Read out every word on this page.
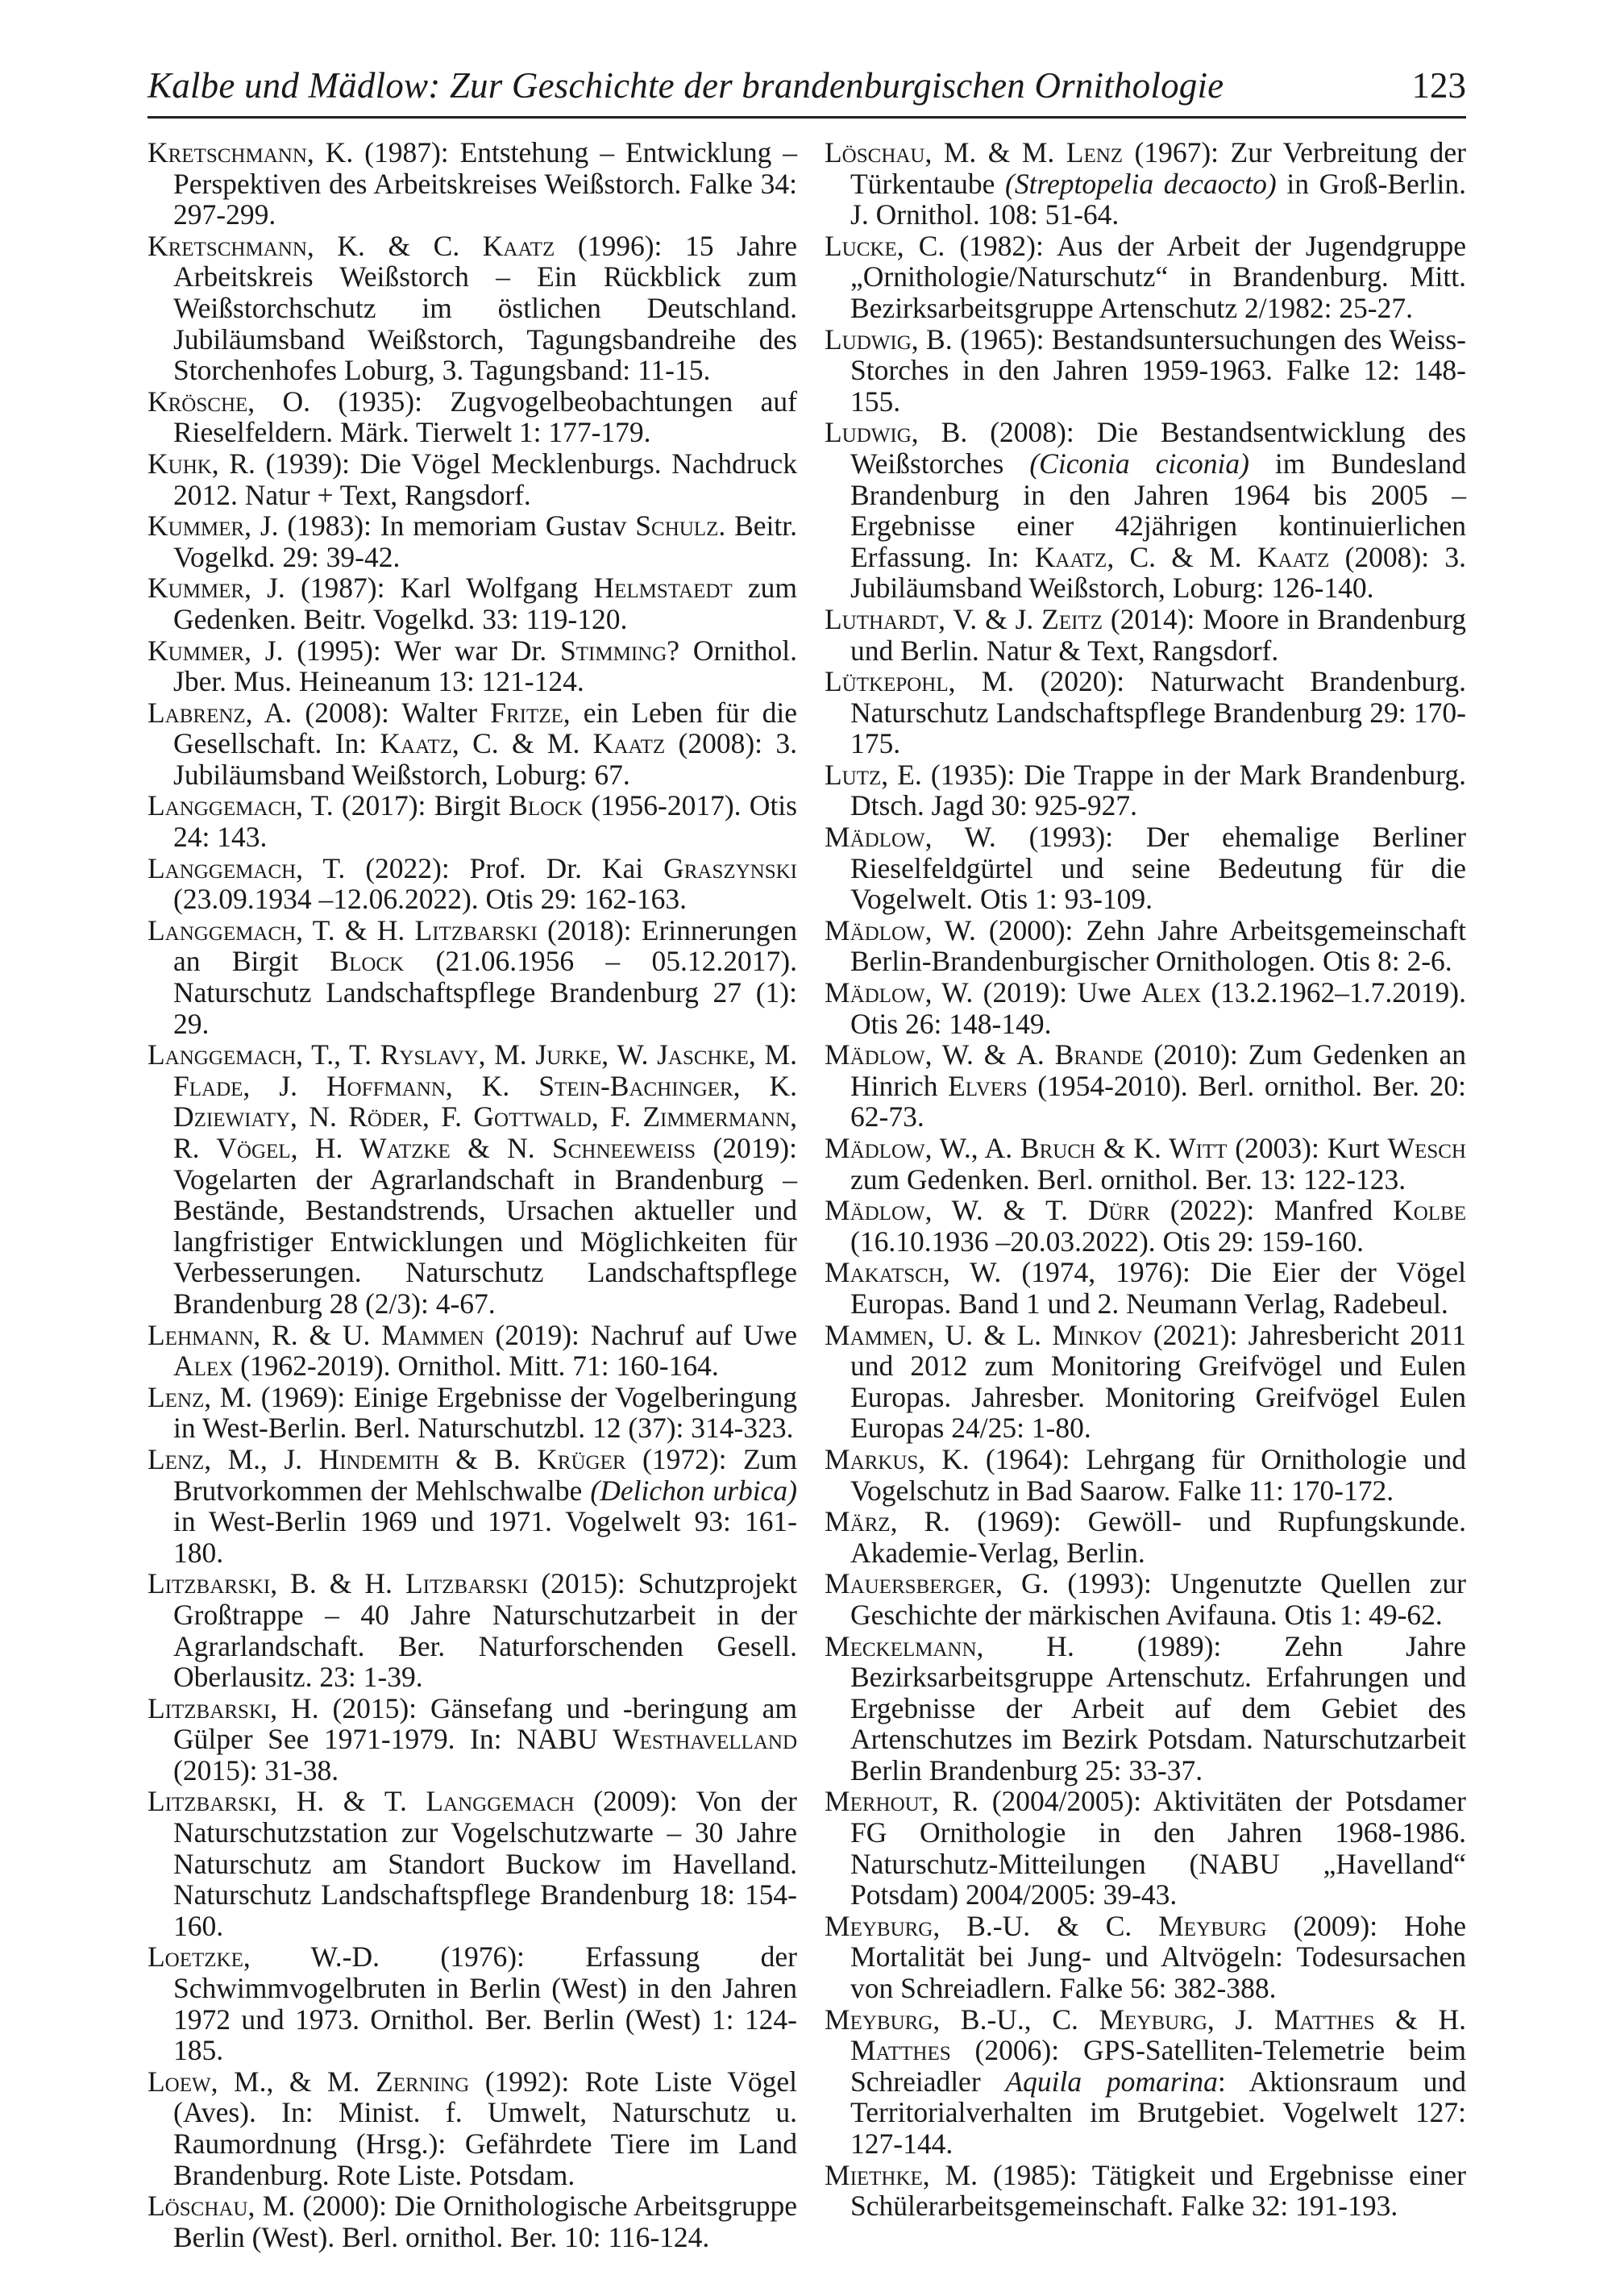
Kalbe und Mädlow: Zur Geschichte der brandenburgischen Ornithologie	123

Kretschmann, K. (1987): Entstehung – Entwicklung – Perspektiven des Arbeitskreises Weißstorch. Falke 34: 297-299.

Kretschmann, K. & C. Kaatz (1996): 15 Jahre Arbeitskreis Weißstorch – Ein Rückblick zum Weißstorchschutz im östlichen Deutschland. Jubiläumsband Weißstorch, Tagungsbandreihe des Storchenhofes Loburg, 3. Tagungsband: 11-15.

Krösche, O. (1935): Zugvogelbeobachtungen auf Rieselfeldern. Märk. Tierwelt 1: 177-179.

Kuhk, R. (1939): Die Vögel Mecklenburgs. Nachdruck 2012. Natur + Text, Rangsdorf.

Kummer, J. (1983): In memoriam Gustav Schulz. Beitr. Vogelkd. 29: 39-42.

Kummer, J. (1987): Karl Wolfgang Helmstaedt zum Gedenken. Beitr. Vogelkd. 33: 119-120.

Kummer, J. (1995): Wer war Dr. Stimming? Ornithol. Jber. Mus. Heineanum 13: 121-124.

Labrenz, A. (2008): Walter Fritze, ein Leben für die Gesellschaft. In: Kaatz, C. & M. Kaatz (2008): 3. Jubiläumsband Weißstorch, Loburg: 67.

Langgemach, T. (2017): Birgit Block (1956-2017). Otis 24: 143.

Langgemach, T. (2022): Prof. Dr. Kai Graszynski (23.09.1934 –12.06.2022). Otis 29: 162-163.

Langgemach, T. & H. Litzbarski (2018): Erinnerungen an Birgit Block (21.06.1956 – 05.12.2017). Naturschutz Landschaftspflege Brandenburg 27 (1): 29.

Langgemach, T., T. Ryslavy, M. Jurke, W. Jaschke, M. Flade, J. Hoffmann, K. Stein-Bachinger, K. Dziewiaty, N. Röder, F. Gottwald, F. Zimmermann, R. Vögel, H. Watzke & N. Schneeweiss (2019): Vogelarten der Agrarlandschaft in Brandenburg – Bestände, Bestandstrends, Ursachen aktueller und langfristiger Entwicklungen und Möglichkeiten für Verbesserungen. Naturschutz Landschaftspflege Brandenburg 28 (2/3): 4-67.

Lehmann, R. & U. Mammen (2019): Nachruf auf Uwe Alex (1962-2019). Ornithol. Mitt. 71: 160-164.

Lenz, M. (1969): Einige Ergebnisse der Vogelberingung in West-Berlin. Berl. Naturschutzbl. 12 (37): 314-323.

Lenz, M., J. Hindemith & B. Krüger (1972): Zum Brutvorkommen der Mehlschwalbe (Delichon urbica) in West-Berlin 1969 und 1971. Vogelwelt 93: 161-180.

Litzbarski, B. & H. Litzbarski (2015): Schutzprojekt Großtrappe – 40 Jahre Naturschutzarbeit in der Agrarlandschaft. Ber. Naturforschenden Gesell. Oberlausitz. 23: 1-39.

Litzbarski, H. (2015): Gänsefang und -beringung am Gülper See 1971-1979. In: NABU Westhavelland (2015): 31-38.

Litzbarski, H. & T. Langgemach (2009): Von der Naturschutzstation zur Vogelschutzwarte – 30 Jahre Naturschutz am Standort Buckow im Havelland. Naturschutz Landschaftspflege Brandenburg 18: 154-160.

Loetzke, W.-D. (1976): Erfassung der Schwimmvogelbruten in Berlin (West) in den Jahren 1972 und 1973. Ornithol. Ber. Berlin (West) 1: 124-185.

Loew, M., & M. Zerning (1992): Rote Liste Vögel (Aves). In: Minist. f. Umwelt, Naturschutz u. Raumordnung (Hrsg.): Gefährdete Tiere im Land Brandenburg. Rote Liste. Potsdam.

Löschau, M. (2000): Die Ornithologische Arbeitsgruppe Berlin (West). Berl. ornithol. Ber. 10: 116-124.

Löschau, M. & M. Lenz (1967): Zur Verbreitung der Türkentaube (Streptopelia decaocto) in Groß-Berlin. J. Ornithol. 108: 51-64.

Lucke, C. (1982): Aus der Arbeit der Jugendgruppe „Ornithologie/Naturschutz“ in Brandenburg. Mitt. Bezirksarbeitsgruppe Artenschutz 2/1982: 25-27.

Ludwig, B. (1965): Bestandsuntersuchungen des Weiss-Storches in den Jahren 1959-1963. Falke 12: 148-155.

Ludwig, B. (2008): Die Bestandsentwicklung des Weißstorches (Ciconia ciconia) im Bundesland Brandenburg in den Jahren 1964 bis 2005 – Ergebnisse einer 42jährigen kontinuierlichen Erfassung. In: Kaatz, C. & M. Kaatz (2008): 3. Jubiläumsband Weißstorch, Loburg: 126-140.

Luthardt, V. & J. Zeitz (2014): Moore in Brandenburg und Berlin. Natur & Text, Rangsdorf.

Lütkepohl, M. (2020): Naturwacht Brandenburg. Naturschutz Landschaftspflege Brandenburg 29: 170-175.

Lutz, E. (1935): Die Trappe in der Mark Brandenburg. Dtsch. Jagd 30: 925-927.

Mädlow, W. (1993): Der ehemalige Berliner Rieselfeldgürtel und seine Bedeutung für die Vogelwelt. Otis 1: 93-109.

Mädlow, W. (2000): Zehn Jahre Arbeitsgemeinschaft Berlin-Brandenburgischer Ornithologen. Otis 8: 2-6.

Mädlow, W. (2019): Uwe Alex (13.2.1962–1.7.2019). Otis 26: 148-149.

Mädlow, W. & A. Brande (2010): Zum Gedenken an Hinrich Elvers (1954-2010). Berl. ornithol. Ber. 20: 62-73.

Mädlow, W., A. Bruch & K. Witt (2003): Kurt Wesch zum Gedenken. Berl. ornithol. Ber. 13: 122-123.

Mädlow, W. & T. Dürr (2022): Manfred Kolbe (16.10.1936 –20.03.2022). Otis 29: 159-160.

Makatsch, W. (1974, 1976): Die Eier der Vögel Europas. Band 1 und 2. Neumann Verlag, Radebeul.

Mammen, U. & L. Minkov (2021): Jahresbericht 2011 und 2012 zum Monitoring Greifvögel und Eulen Europas. Jahresber. Monitoring Greifvögel Eulen Europas 24/25: 1-80.

Markus, K. (1964): Lehrgang für Ornithologie und Vogelschutz in Bad Saarow. Falke 11: 170-172.

März, R. (1969): Gewöll- und Rupfungskunde. Akademie-Verlag, Berlin.

Mauersberger, G. (1993): Ungenutzte Quellen zur Geschichte der märkischen Avifauna. Otis 1: 49-62.

Meckelmann, H. (1989): Zehn Jahre Bezirksarbeitsgruppe Artenschutz. Erfahrungen und Ergebnisse der Arbeit auf dem Gebiet des Artenschutzes im Bezirk Potsdam. Naturschutzarbeit Berlin Brandenburg 25: 33-37.

Merhout, R. (2004/2005): Aktivitäten der Potsdamer FG Ornithologie in den Jahren 1968-1986. Naturschutz-Mitteilungen (NABU „Havelland“ Potsdam) 2004/2005: 39-43.

Meyburg, B.-U. & C. Meyburg (2009): Hohe Mortalität bei Jung- und Altvögeln: Todesursachen von Schreiadlern. Falke 56: 382-388.

Meyburg, B.-U., C. Meyburg, J. Matthes & H. Matthes (2006): GPS-Satelliten-Telemetrie beim Schreiadler Aquila pomarina: Aktionsraum und Territorialverhalten im Brutgebiet. Vogelwelt 127: 127-144.

Miethke, M. (1985): Tätigkeit und Ergebnisse einer Schülerarbeitsgemeinschaft. Falke 32: 191-193.
